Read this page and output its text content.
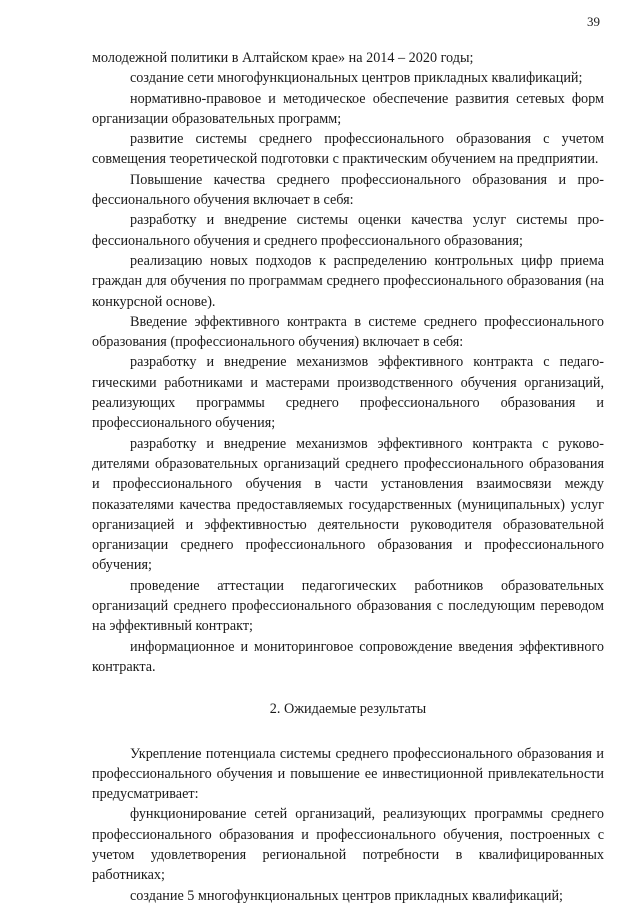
39

молодежной политики в Алтайском крае» на 2014 – 2020 годы;

создание сети многофункциональных центров прикладных квалификаций;

нормативно-правовое и методическое обеспечение развития сетевых форм организации образовательных программ;

развитие системы среднего профессионального образования с учетом совмещения теоретической подготовки с практическим обучением на предприятии.

Повышение качества среднего профессионального образования и профессионального обучения включает в себя:

разработку и внедрение системы оценки качества услуг системы профессионального обучения и среднего профессионального образования;

реализацию новых подходов к распределению контрольных цифр приема граждан для обучения по программам среднего профессионального образования (на конкурсной основе).

Введение эффективного контракта в системе среднего профессионального образования (профессионального обучения) включает в себя:

разработку и внедрение механизмов эффективного контракта с педагогическими работниками и мастерами производственного обучения организаций, реализующих программы среднего профессионального образования и профессионального обучения;

разработку и внедрение механизмов эффективного контракта с руководителями образовательных организаций среднего профессионального образования и профессионального обучения в части установления взаимосвязи между показателями качества предоставляемых государственных (муниципальных) услуг организацией и эффективностью деятельности руководителя образовательной организации среднего профессионального образования и профессионального обучения;

проведение аттестации педагогических работников образовательных организаций среднего профессионального образования с последующим переводом на эффективный контракт;

информационное и мониторинговое сопровождение введения эффективного контракта.

2. Ожидаемые результаты

Укрепление потенциала системы среднего профессионального образования и профессионального обучения и повышение ее инвестиционной привлекательности предусматривает:

функционирование сетей организаций, реализующих программы среднего профессионального образования и профессионального обучения, построенных с учетом удовлетворения региональной потребности в квалифицированных работниках;

создание 5 многофункциональных центров прикладных квалификаций;
